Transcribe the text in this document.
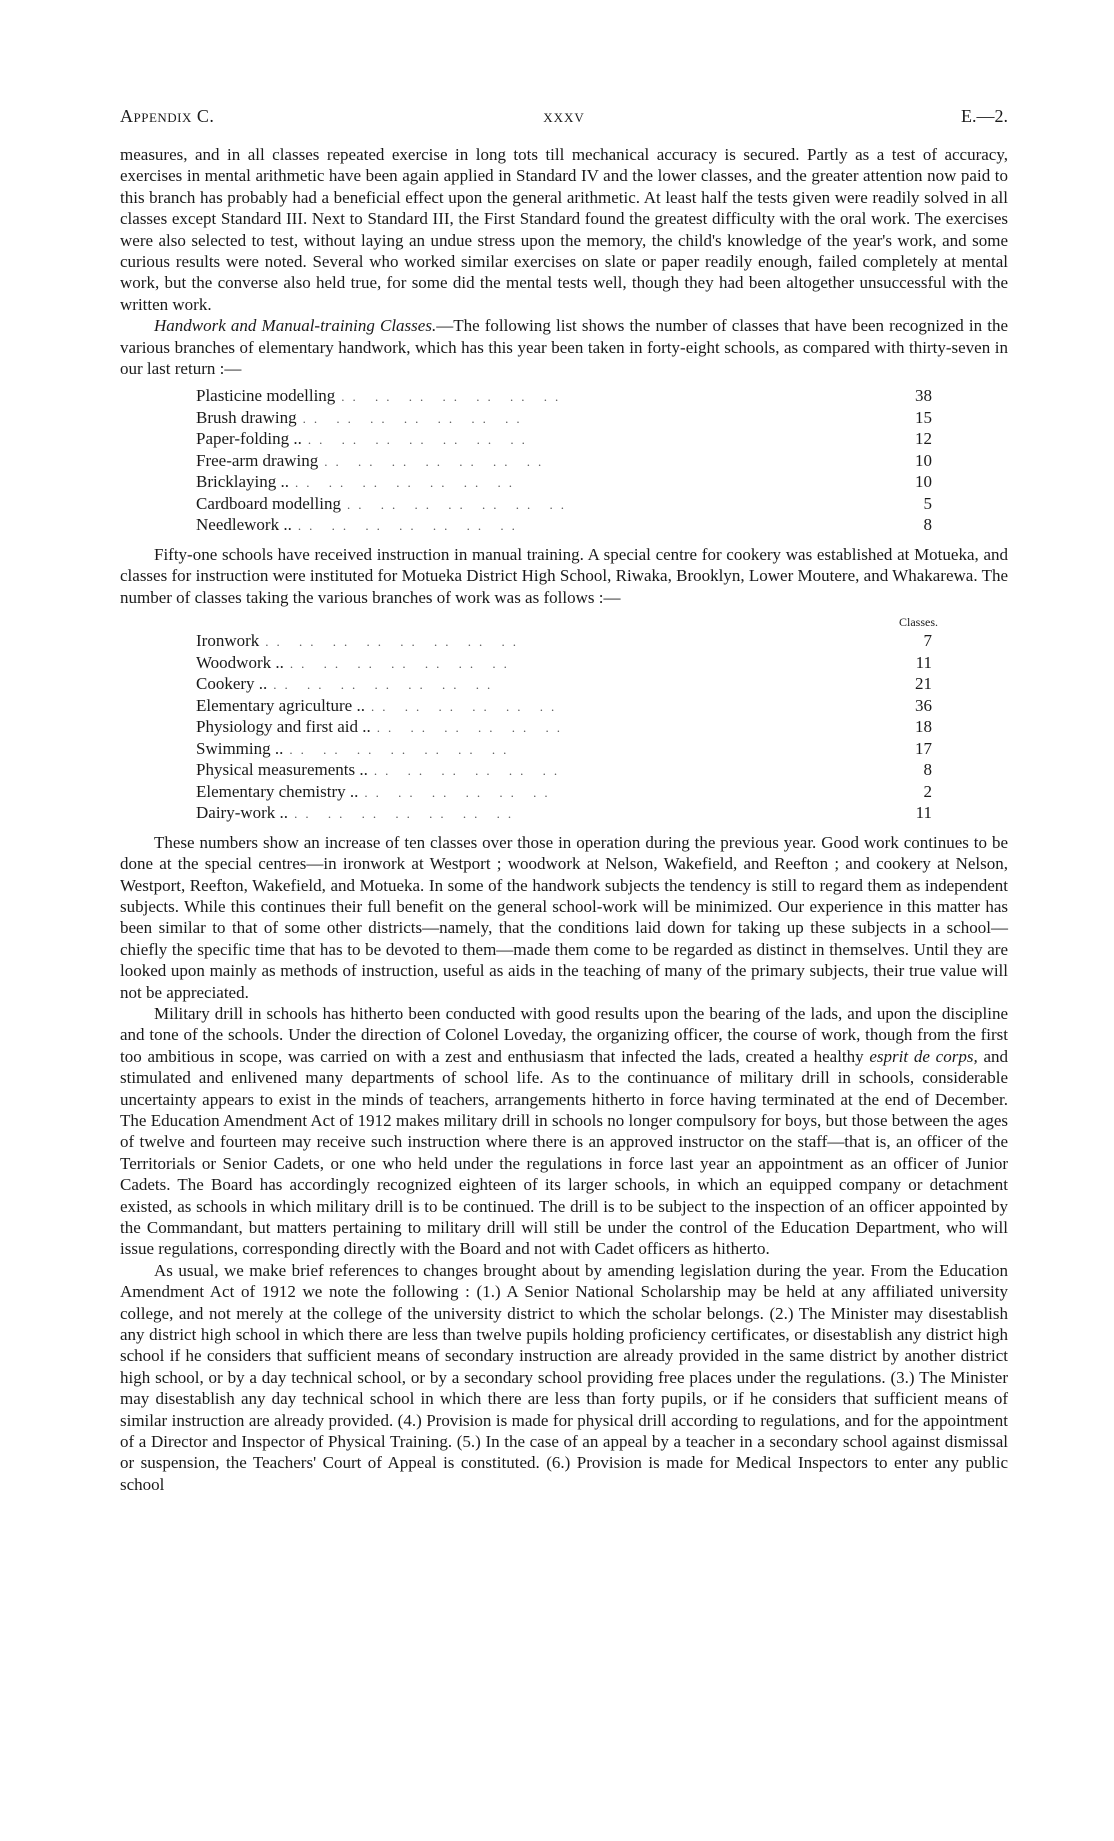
Appendix C.	xxxv	E.—2.

measures, and in all classes repeated exercise in long tots till mechanical accuracy is secured. Partly as a test of accuracy, exercises in mental arithmetic have been again applied in Standard IV and the lower classes, and the greater attention now paid to this branch has probably had a beneficial effect upon the general arithmetic. At least half the tests given were readily solved in all classes except Standard III. Next to Standard III, the First Standard found the greatest difficulty with the oral work. The exercises were also selected to test, without laying an undue stress upon the memory, the child's knowledge of the year's work, and some curious results were noted. Several who worked similar exercises on slate or paper readily enough, failed completely at mental work, but the converse also held true, for some did the mental tests well, though they had been altogether unsuccessful with the written work.

Handwork and Manual-training Classes.—The following list shows the number of classes that have been recognized in the various branches of elementary handwork, which has this year been taken in forty-eight schools, as compared with thirty-seven in our last return :—

Plasticine modelling .. .. .. .. .. .. ..	38
Brush drawing .. .. .. .. .. .. ..	15
Paper-folding .. .. .. .. .. .. .. ..	12
Free-arm drawing .. .. .. .. .. .. ..	10
Bricklaying .. .. .. .. .. .. .. ..	10
Cardboard modelling .. .. .. .. .. .. ..	5
Needlework .. .. .. .. .. .. .. ..	8

Fifty-one schools have received instruction in manual training. A special centre for cookery was established at Motueka, and classes for instruction were instituted for Motueka District High School, Riwaka, Brooklyn, Lower Moutere, and Whakarewa. The number of classes taking the various branches of work was as follows :—

Classes.
Ironwork .. .. .. .. .. .. .. ..	7
Woodwork .. .. .. .. .. .. .. ..	11
Cookery .. .. .. .. .. .. .. ..	21
Elementary agriculture .. .. .. .. .. .. ..	36
Physiology and first aid .. .. .. .. .. .. ..	18
Swimming .. .. .. .. .. .. .. ..	17
Physical measurements .. .. .. .. .. .. ..	8
Elementary chemistry .. .. .. .. .. .. ..	2
Dairy-work .. .. .. .. .. .. .. ..	11

These numbers show an increase of ten classes over those in operation during the previous year. Good work continues to be done at the special centres—in ironwork at Westport ; woodwork at Nelson, Wakefield, and Reefton ; and cookery at Nelson, Westport, Reefton, Wakefield, and Motueka. In some of the handwork subjects the tendency is still to regard them as independent subjects. While this continues their full benefit on the general school-work will be minimized. Our experience in this matter has been similar to that of some other districts—namely, that the conditions laid down for taking up these subjects in a school—chiefly the specific time that has to be devoted to them—made them come to be regarded as distinct in themselves. Until they are looked upon mainly as methods of instruction, useful as aids in the teaching of many of the primary subjects, their true value will not be appreciated.

Military drill in schools has hitherto been conducted with good results upon the bearing of the lads, and upon the discipline and tone of the schools. Under the direction of Colonel Loveday, the organizing officer, the course of work, though from the first too ambitious in scope, was carried on with a zest and enthusiasm that infected the lads, created a healthy esprit de corps, and stimulated and enlivened many departments of school life. As to the continuance of military drill in schools, considerable uncertainty appears to exist in the minds of teachers, arrangements hitherto in force having terminated at the end of December. The Education Amendment Act of 1912 makes military drill in schools no longer compulsory for boys, but those between the ages of twelve and fourteen may receive such instruction where there is an approved instructor on the staff—that is, an officer of the Territorials or Senior Cadets, or one who held under the regulations in force last year an appointment as an officer of Junior Cadets. The Board has accordingly recognized eighteen of its larger schools, in which an equipped company or detachment existed, as schools in which military drill is to be continued. The drill is to be subject to the inspection of an officer appointed by the Commandant, but matters pertaining to military drill will still be under the control of the Education Department, who will issue regulations, corresponding directly with the Board and not with Cadet officers as hitherto.

As usual, we make brief references to changes brought about by amending legislation during the year. From the Education Amendment Act of 1912 we note the following : (1.) A Senior National Scholarship may be held at any affiliated university college, and not merely at the college of the university district to which the scholar belongs. (2.) The Minister may disestablish any district high school in which there are less than twelve pupils holding proficiency certificates, or disestablish any district high school if he considers that sufficient means of secondary instruction are already provided in the same district by another district high school, or by a day technical school, or by a secondary school providing free places under the regulations. (3.) The Minister may disestablish any day technical school in which there are less than forty pupils, or if he considers that sufficient means of similar instruction are already provided. (4.) Provision is made for physical drill according to regulations, and for the appointment of a Director and Inspector of Physical Training. (5.) In the case of an appeal by a teacher in a secondary school against dismissal or suspension, the Teachers' Court of Appeal is constituted. (6.) Provision is made for Medical Inspectors to enter any public school
